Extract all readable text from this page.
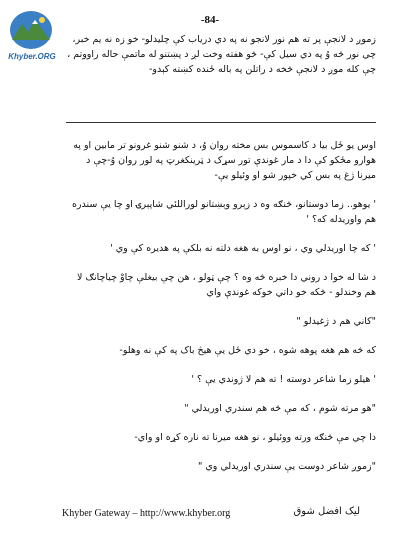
Khyber.ORG
-84-

زموږ د لانجې پر ته هم نور لانجو نه په دي درياب کې چليدلو- خو زه نه يم خبر، چي نور څه وُ په دي سيل کې- څو هفته وخت لږ د پښتنو له ماتمې حاله راووتم ، چې کله موږ د لانجې څخه د راتلن په باله ځنده کښته کېدو-

اوس يو ځل بيا د کاسموس بس مخته روان وُ، د شنو شنو غرونو تر مابين او په هوارو مځکو کې دا د مار غوندې تور سړک د ټرينکغرټ په لور روان وُ-چې د ميرنا ژغ په بس کي خپور شو او وئيلو يې-

' يوهو.. زما دوستانو، څنګه وه د زېرو وېښتانو لوراللئي شاپېرۍ او چا يې سندره هم واوريدله که؟ '

' که چا اوريدلي وي ، نو اوس به هغه دلته نه بلکې په هديره کې وي '

د شا له خوا د روني دا خبره څه وه ؟ چې ټولو ، هن چې بيغلې چاوْ چياچانګ لا هم وخندلو - څکه خو داتي خوکه غوندې واي

"کاني هم د ژغيدلو "

که څه هم هغه پوهه شوه ، خو دي ځل يې هيڅ باک په کې نه وهلو-

' هيلو زما شاعر دوسته ! ته هم لا ژوندي يې ؟ '

"هو مرته شوم ، که مې څه هم سندري اوريدلي "

دا چي مې څنګه ورته ووئيلو ، نو هغه ميرنا ته ناره کړه او واي-

"زموږ شاعر دوست يې سندري اوريدلي وي "

Khyber Gateway – http://www.khyber.org	ليک افضل شوق
